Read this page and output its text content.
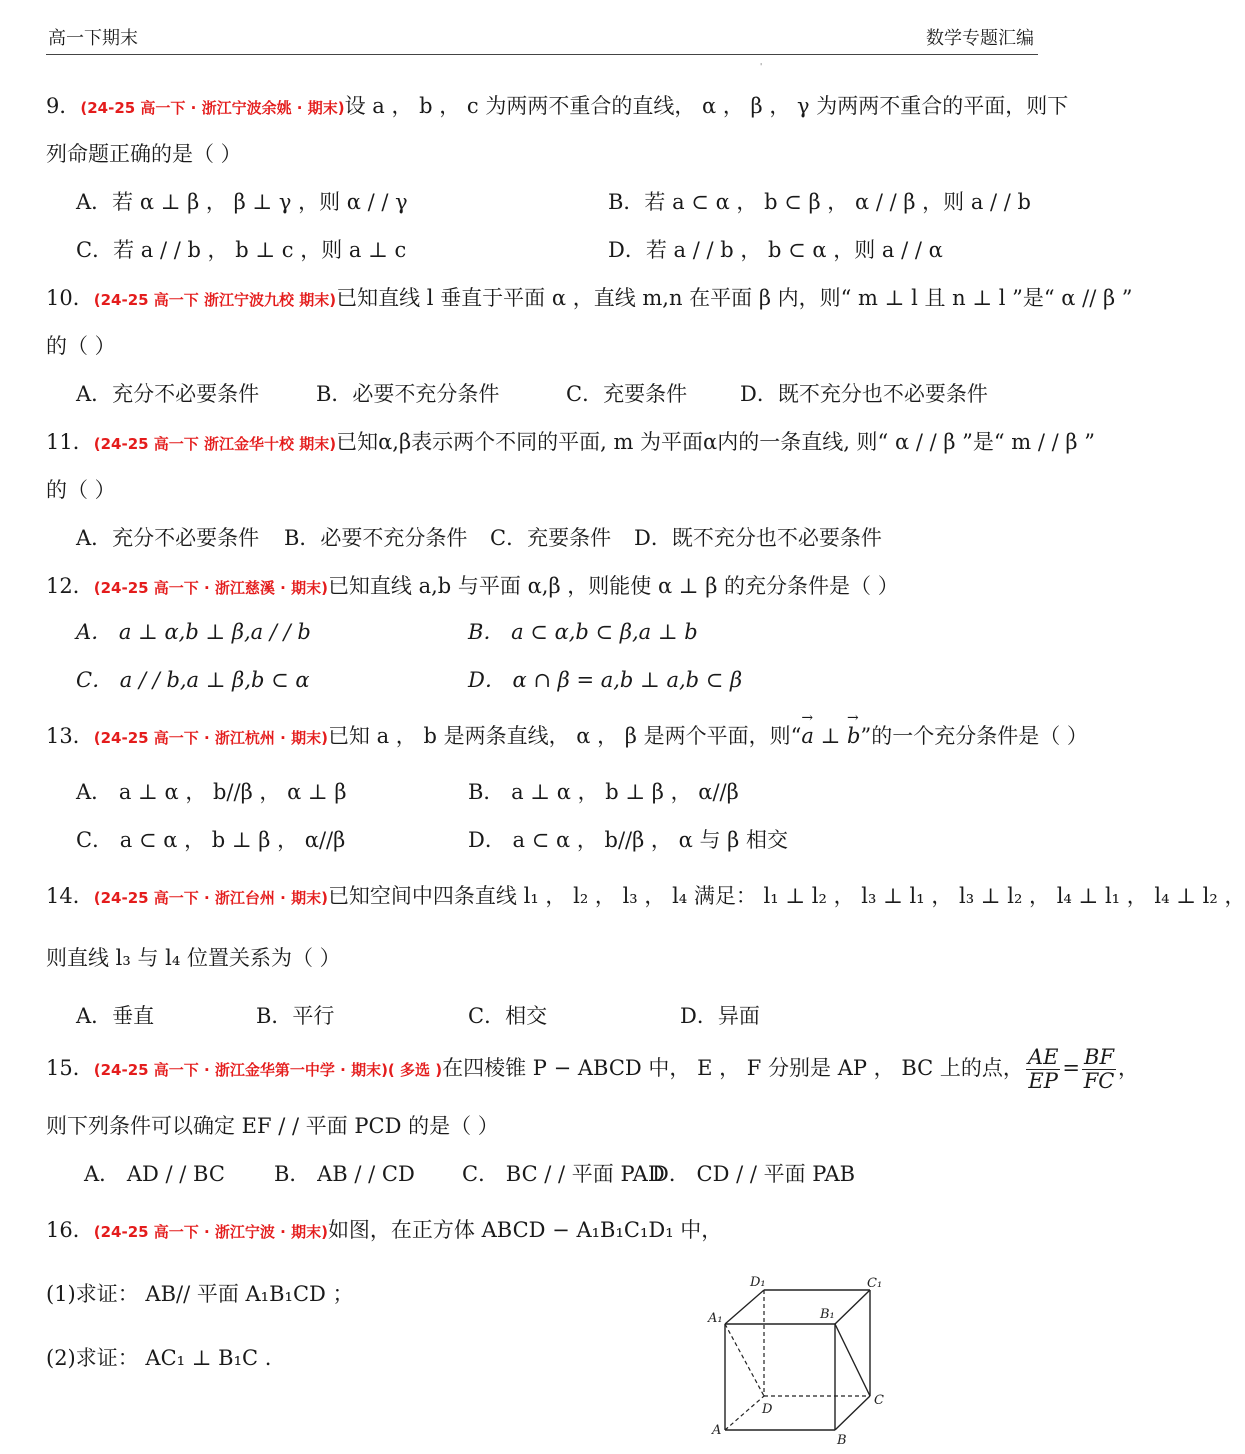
高一下期末	数学专题汇编
'
9．(24-25 高一下 · 浙江宁波余姚 · 期末)设 a ， b ， c 为两两不重合的直线， α ， β ， γ 为两两不重合的平面，则下
列命题正确的是（ ）
A．若 α ⊥ β ， β ⊥ γ ，则 α / / γ	B．若 a ⊂ α ， b ⊂ β ， α / / β ，则 a / / b
C．若 a / / b ， b ⊥ c ，则 a ⊥ c	D．若 a / / b ， b ⊂ α ，则 a / / α
10．(24-25 高一下 浙江宁波九校 期末)已知直线 l 垂直于平面 α ，直线 m,n 在平面 β 内，则“ m ⊥ l 且 n ⊥ l ”是“ α // β ”
的（ ）
A．充分不必要条件	B．必要不充分条件	C．充要条件	D．既不充分也不必要条件
11．(24-25 高一下 浙江金华十校 期末)已知α,β表示两个不同的平面, m 为平面α内的一条直线, 则“ α / / β ”是“ m / / β ”
的（ ）
A．充分不必要条件 B．必要不充分条件 C．充要条件 D．既不充分也不必要条件
12．(24-25 高一下 · 浙江慈溪 · 期末)已知直线 a,b 与平面 α,β ，则能使 α ⊥ β 的充分条件是（ ）
A． a ⊥ α,b ⊥ β,a / / b	B． a ⊂ α,b ⊂ β,a ⊥ b
C． a / / b,a ⊥ β,b ⊂ α	D． α ∩ β = a,b ⊥ a,b ⊂ β
13．(24-25 高一下 · 浙江杭州 · 期末)已知 a ， b 是两条直线， α ， β 是两个平面，则“
→
a ⊥
→
b”的一个充分条件是（ ）
A． a ⊥ α ， b//β ， α ⊥ β	B． a ⊥ α ， b ⊥ β ， α//β
C． a ⊂ α ， b ⊥ β ， α//β	D． a ⊂ α ， b//β ， α 与 β 相交
14．(24-25 高一下 · 浙江台州 · 期末)已知空间中四条直线 l₁ ， l₂ ， l₃ ， l₄ 满足： l₁ ⊥ l₂ ， l₃ ⊥ l₁ ， l₃ ⊥ l₂ ， l₄ ⊥ l₁ ， l₄ ⊥ l₂ ，
则直线 l₃ 与 l₄ 位置关系为（ ）
A．垂直	B．平行	C．相交	D．异面
15．(24-25 高一下 · 浙江金华第一中学 · 期末)( 多选 )在四棱锥 P − ABCD 中， E ， F 分别是 AP ， BC 上的点， $\frac{AE}{EP} = \frac{BF}{FC}$ ，
则下列条件可以确定 EF / / 平面 PCD 的是（ ）
A． AD / / BC B． AB / / CD C． BC / / 平面 PAD
D． CD / / 平面 PAB
16．(24-25 高一下 · 浙江宁波 · 期末)如图，在正方体 ABCD − A₁B₁C₁D₁ 中，
(1)求证： AB// 平面 A₁B₁CD ；
(2)求证： AC₁ ⊥ B₁C .
D₁	C₁
A₁	B₁
C
D
A
B
